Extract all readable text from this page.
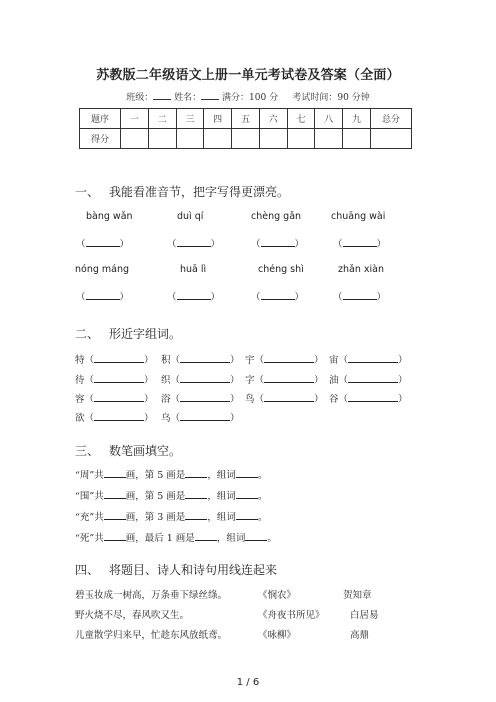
苏教版二年级语文上册一单元考试卷及答案（全面）
班级： 姓名： 满分：100 分 考试时间：90 分钟
题序	一	二	三	四	五	六	七	八	九	总分
得分										
一、 我能看准音节，把字写得更漂亮。
bàng wǎn	duì qí	chèng gǎn	chuāng wài
（	）	（	）	（	）	（	）
nóng máng	huā lì	chéng shì	zhǎn xiàn
（	）	（	）	（	）	（	）
二、 形近字组词。
特（	） 积（	） 宇（	） 宙（	）
待（	） 织（	） 字（	） 油（	）
容（	） 浴（	） 鸟（	） 谷（	）
欲（	） 乌（	）
三、 数笔画填空。
“周”共 画，第 5 画是 ，组词 。
“围”共 画，第 5 画是 ，组词 。
“充”共 画，第 3 画是 ，组词 。
“死”共 画，最后 1 画是 ，组词 。
四、 将题目、诗人和诗句用线连起来
碧玉妆成一树高，万条垂下绿丝绦。	《悯农》	贺知章
野火烧不尽，春风吹又生。	《舟夜书所见》	白居易
儿童散学归来早，忙趁东风放纸鸢。	《咏柳》	高鼎
1 / 6
